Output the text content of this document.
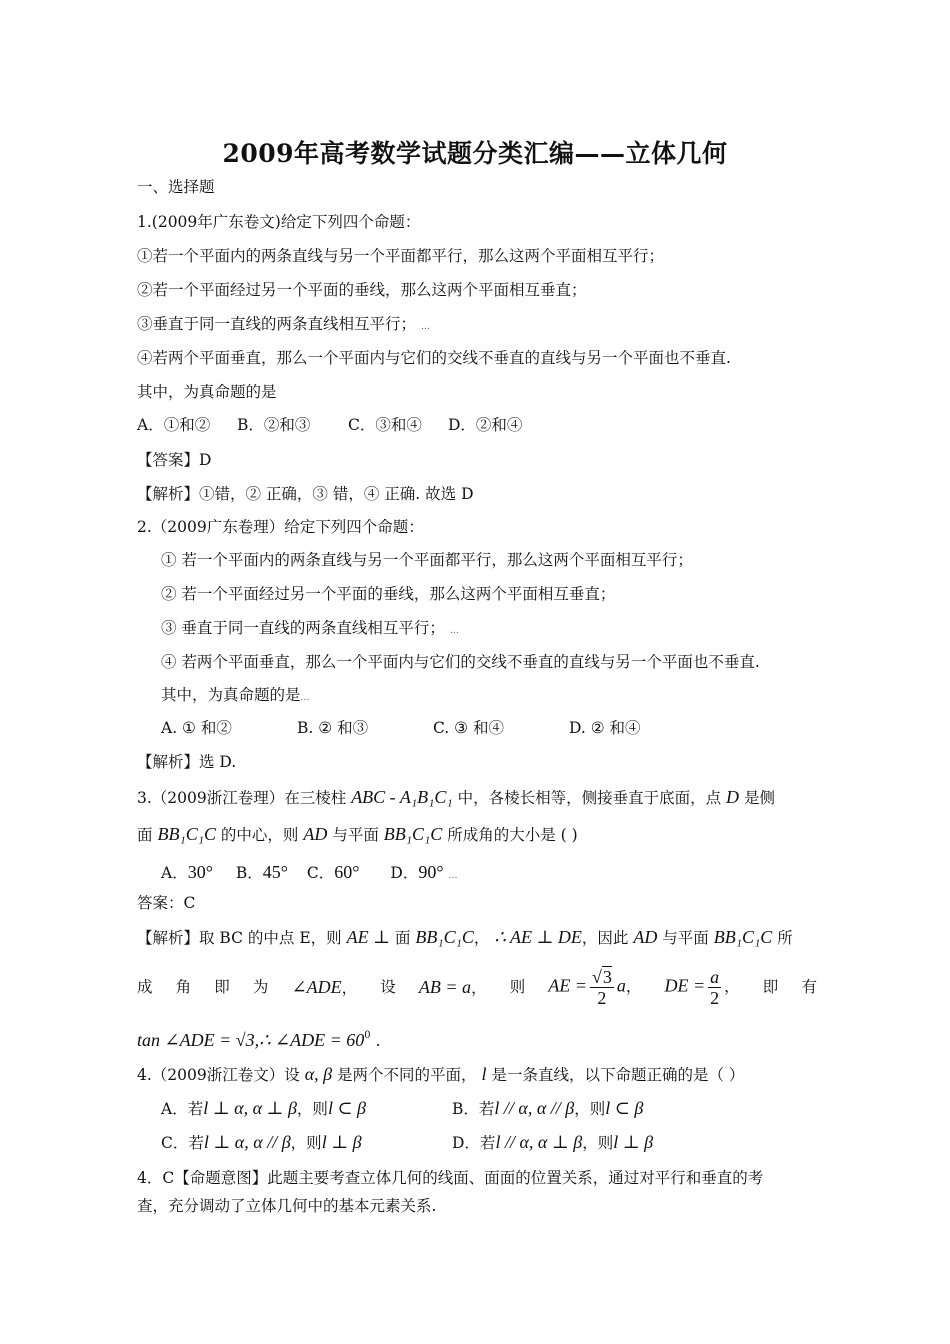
2009年高考数学试题分类汇编——立体几何
一、选择题
1.(2009年广东卷文)给定下列四个命题：
①若一个平面内的两条直线与另一个平面都平行，那么这两个平面相互平行；
②若一个平面经过另一个平面的垂线，那么这两个平面相互垂直；
③垂直于同一直线的两条直线相互平行； …
④若两个平面垂直，那么一个平面内与它们的交线不垂直的直线与另一个平面也不垂直.
其中，为真命题的是
A．①和② B．②和③ C．③和④ D．②和④
【答案】D
【解析】①错，② 正确，③ 错，④ 正确. 故选 D
2.（2009广东卷理）给定下列四个命题：
① 若一个平面内的两条直线与另一个平面都平行，那么这两个平面相互平行；
② 若一个平面经过另一个平面的垂线，那么这两个平面相互垂直；
③ 垂直于同一直线的两条直线相互平行； …
④ 若两个平面垂直，那么一个平面内与它们的交线不垂直的直线与另一个平面也不垂直.
其中，为真命题的是…
A. ① 和②	B. ② 和③	C. ③ 和④	D. ② 和④
【解析】选 D.
3.（2009浙江卷理）在三棱柱 ABC - A₁B₁C₁ 中，各棱长相等，侧接垂直于底面，点 D 是侧
面 BB₁C₁C 的中心，则 AD 与平面 BB₁C₁C 所成角的大小是 ( )
A．30° B．45° C．60° D．90° …
答案：C
【解析】取 BC 的中点 E，则 AE ⊥ 面 BB₁C₁C， ∴ AE ⊥ DE，因此 AD 与平面 BB₁C₁C 所
成 角 即 为 ∠ADE， 设 AB = a， 则 AE = $\frac{√3}{2}$ a， DE = $\frac{a}{2}$ ， 即 有
tan ∠ADE = √3,∴ ∠ADE = $60^0$ .
4.（2009浙江卷文）设 α, β 是两个不同的平面， l 是一条直线，以下命题正确的是（ ）
A．若l ⊥ α, α ⊥ β，则l ⊂ β	B．若l // α, α // β，则l ⊂ β
C．若l ⊥ α, α // β，则l ⊥ β	D．若l // α, α ⊥ β，则l ⊥ β
4．C【命题意图】此题主要考查立体几何的线面、面面的位置关系，通过对平行和垂直的考
查，充分调动了立体几何中的基本元素关系.
